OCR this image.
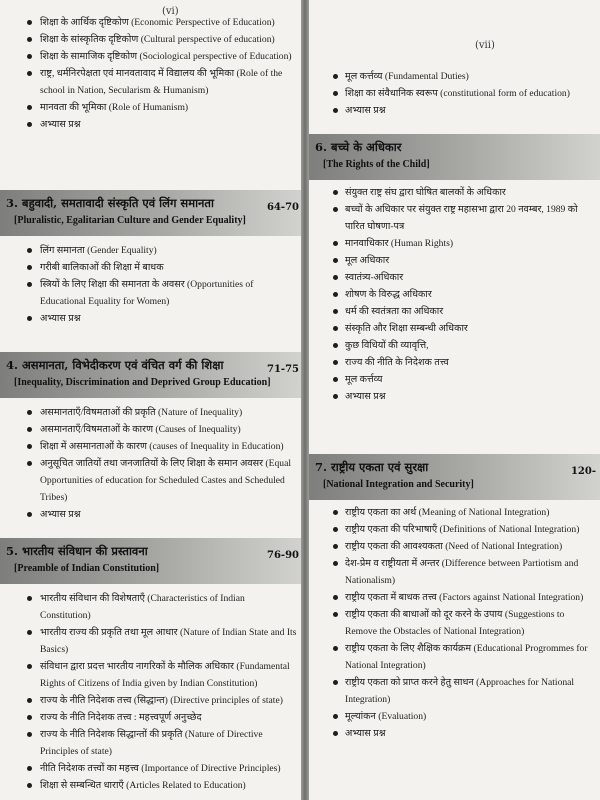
(vi)
शिक्षा के आर्थिक दृष्टिकोण (Economic Perspective of Education)
शिक्षा के सांस्कृतिक दृष्टिकोण (Cultural perspective of education)
शिक्षा के सामाजिक दृष्टिकोण (Sociological perspective of Education)
राष्ट्र, धर्मनिरपेक्षता एवं मानवतावाद में विद्यालय की भूमिका (Role of the school in Nation, Secularism & Humanism)
मानवता की भूमिका (Role of Humanism)
अभ्यास प्रश्न
3. बहुवादी, समतावादी संस्कृति एवं लिंग समानता
[Pluralistic, Egalitarian Culture and Gender Equality]
64-70
लिंग समानता (Gender Equality)
गरीबी बालिकाओं की शिक्षा में बाधक
स्त्रियों के लिए शिक्षा की समानता के अवसर (Opportunities of Educational Equality for Women)
अभ्यास प्रश्न
4. असमानता, विभेदीकरण एवं वंचित वर्ग की शिक्षा
[Inequality, Discrimination and Deprived Group Education]
71-75
असमानताएँ/विषमताओं की प्रकृति (Nature of Inequality)
असमानताएँ/विषमताओं के कारण (Causes of Inequality)
शिक्षा में असमानताओं के कारण (causes of Inequality in Education)
अनुसूचित जातियों तथा जनजातियों के लिए शिक्षा के समान अवसर (Equal Opportunities of education for Scheduled Castes and Scheduled Tribes)
अभ्यास प्रश्न
5. भारतीय संविधान की प्रस्तावना
[Preamble of Indian Constitution]
76-90
भारतीय संविधान की विशेषताएँ (Characteristics of Indian Constitution)
भारतीय राज्य की प्रकृति तथा मूल आधार (Nature of Indian State and Its Basics)
संविधान द्वारा प्रदत्त भारतीय नागरिकों के मौलिक अधिकार (Fundamental Rights of Citizens of India given by Indian Constitution)
राज्य के नीति निदेशक तत्त्व (सिद्धान्त) (Directive principles of state)
राज्य के नीति निदेशक तत्त्व : महत्त्वपूर्ण अनुच्छेद
राज्य के नीति निदेशक सिद्धान्तों की प्रकृति (Nature of Directive Principles of state)
नीति निदेशक तत्त्वों का महत्त्व (Importance of Directive Principles)
शिक्षा से सम्बन्धित धाराएँ (Articles Related to Education)
(vii)
मूल कर्त्तव्य (Fundamental Duties)
शिक्षा का संवैधानिक स्वरूप (constitutional form of education)
अभ्यास प्रश्न
6. बच्चे के अधिकार
[The Rights of the Child]
संयुक्त राष्ट्र संघ द्वारा घोषित बालकों के अधिकार
बच्चों के अधिकार पर संयुक्त राष्ट्र महासभा द्वारा 20 नवम्बर, 1989 को पारित घोषणा-पत्र
मानवाधिकार (Human Rights)
मूल अधिकार
स्वातंत्र्य-अधिकार
शोषण के विरुद्ध अधिकार
धर्म की स्वतंत्रता का अधिकार
संस्कृति और शिक्षा सम्बन्धी अधिकार
कुछ विधियों की व्यावृत्ति,
राज्य की नीति के निदेशक तत्त्व
मूल कर्त्तव्य
अभ्यास प्रश्न
7. राष्ट्रीय एकता एवं सुरक्षा
[National Integration and Security]
120-
राष्ट्रीय एकता का अर्थ (Meaning of National Integration)
राष्ट्रीय एकता की परिभाषाएँ (Definitions of National Integration)
राष्ट्रीय एकता की आवश्यकता (Need of National Integration)
देश-प्रेम व राष्ट्रीयता में अन्तर (Difference between Partiotism and Nationalism)
राष्ट्रीय एकता में बाधक तत्त्व (Factors against National Integration)
राष्ट्रीय एकता की बाधाओं को दूर करने के उपाय (Suggestions to Remove the Obstacles of National Integration)
राष्ट्रीय एकता के लिए शैक्षिक कार्यक्रम (Educational Progrommes for National Integration)
राष्ट्रीय एकता को प्राप्त करने हेतु साधन (Approaches for National Integration)
मूल्यांकन (Evaluation)
अभ्यास प्रश्न
